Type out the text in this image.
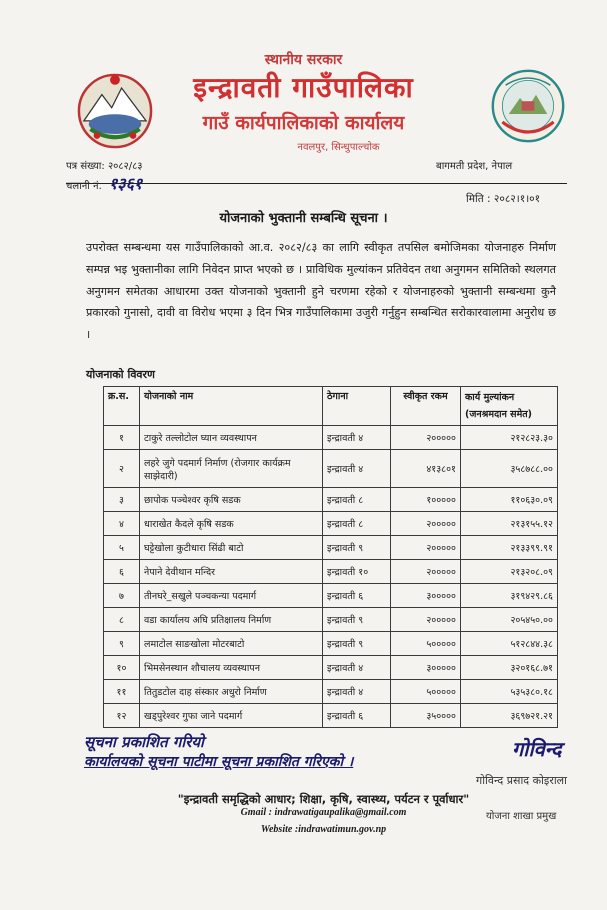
स्थानीय सरकार
इन्द्रावती गाउँपालिका
गाउँ कार्यपालिकाको कार्यालय
नवलपुर, सिन्धुपाल्चोक
पत्र संख्या: २०८२/८३
चलानी नं. १३६१
बागमती प्रदेश, नेपाल
मिति : २०८२।१।०१
योजनाको भुक्तानी सम्बन्धि सूचना ।
उपरोक्त सम्बन्धमा यस गाउँपालिकाको आ.व. २०८२/८३ का लागि स्वीकृत तपसिल बमोजिमका योजनाहरु निर्माण सम्पन्न भइ भुक्तानीका लागि निवेदन प्राप्त भएको छ । प्राविधिक मुल्यांकन प्रतिवेदन तथा अनुगमन समितिको स्थलगत अनुगमन समेतका आधारमा उक्त योजनाको भुक्तानी हुने चरणमा रहेको र योजनाहरुको भुक्तानी सम्बन्धमा कुनै प्रकारको गुनासो, दावी वा विरोध भएमा ३ दिन भित्र गाउँपालिकामा उजुरी गर्नुहुन सम्बन्धित सरोकारवालामा अनुरोध छ ।
योजनाको विवरण
क्र.स.	योजनाको नाम	ठेगाना	स्वीकृत रकम	कार्य मुल्यांकन
(जनश्रमदान समेत)

१	टाकुरे तल्लोटोल घ्यान व्यवस्थापन	इन्द्रावती ४	२०००००	२१२८२३.३०
२	लहरे जुगे पदमार्ग निर्माण (रोजगार कार्यक्रम साझेदारी)	इन्द्रावती ४	४१३८०१	३५८७८८.००
३	छापोक पञ्चेश्वर कृषि सडक	इन्द्रावती ८	१०००००	११०६३०.०९
४	धाराखेत कैदले कृषि सडक	इन्द्रावती ८	२०००००	२१३१५५.१२
५	घट्टेखोला कुटीधारा सिंढी बाटो	इन्द्रावती ९	२०००००	२१३३९९.९१
६	नेपाने देवीथान मन्दिर	इन्द्रावती १०	२०००००	२१३२०८.०९
७	तीनघरे_सखुले पञ्चकन्या पदमार्ग	इन्द्रावती ६	३०००००	३१९४२९.८६
८	वडा कार्यालय अघि प्रतिक्षालय निर्माण	इन्द्रावती ९	२०००००	२०५४५०.००
९	लमाटोल साङखोला मोटरबाटो	इन्द्रावती ९	५०००००	५१२८४४.३८
१०	भिमसेनस्थान शौचालय व्यवस्थापन	इन्द्रावती ४	३०००००	३२०१६८.७१
११	तितुडटोल दाह संस्कार अधुरो निर्माण	इन्द्रावती ४	५०००००	५३५३८०.१८
१२	खड्पुरेश्वर गुफा जाने पदमार्ग	इन्द्रावती ६	३५००००	३६९७२१.२१
सूचना प्रकाशित गरियो
कार्यालयको सूचना पाटीमा सूचना प्रकाशित गरिएको ।
गोविन्द
गोविन्द प्रसाद कोइराला
योजना शाखा प्रमुख
"इन्द्रावती समृद्धिको आधार; शिक्षा, कृषि, स्वास्थ्य, पर्यटन र पूर्वाधार"
Gmail : indrawatigaupalika@gmail.com
Website :indrawatimun.gov.np
